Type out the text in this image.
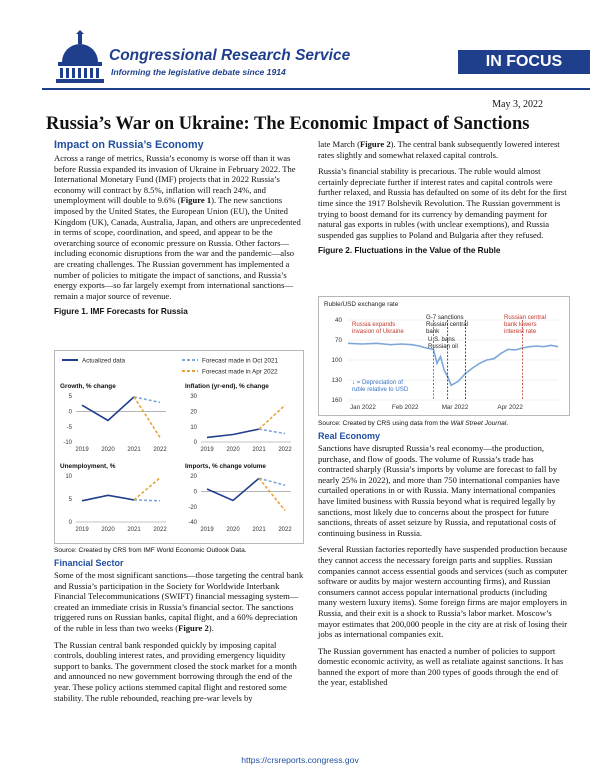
Congressional Research Service
Informing the legislative debate since 1914
IN FOCUS
May 3, 2022
Russia’s War on Ukraine: The Economic Impact of Sanctions
Impact on Russia’s Economy

Across a range of metrics, Russia’s economy is worse off than it was before Russia expanded its invasion of Ukraine in February 2022. The International Monetary Fund (IMF) projects that in 2022 Russia’s economy will contract by 8.5%, inflation will reach 24%, and unemployment will double to 9.6% (Figure 1). The new sanctions imposed by the United States, the European Union (EU), the United Kingdom (UK), Canada, Australia, Japan, and others are unprecedented in terms of scope, coordination, and speed, and appear to be the overarching source of economic pressure on Russia. Other factors—including economic disruptions from the war and the pandemic—also are creating challenges. The Russian government has implemented a number of policies to mitigate the impact of sanctions, and Russia’s energy exports—so far largely exempt from international sanctions—remain a major source of revenue.

Figure 1. IMF Forecasts for Russia
Actualized data	Forecast made in Oct 2021
Forecast made in Apr 2022
Growth, % change
5
0
-5
-10
2019 2020 2021 2022
Inflation (yr-end), % change
30
20
10
0
2019 2020 2021 2022
Unemployment, %
10
5
0
2019 2020 2021 2022
Imports, % change volume
20
0
-20
-40
2019 2020 2021 2022
Source: Created by CRS from IMF World Economic Outlook Data.
Financial Sector

Some of the most significant sanctions—those targeting the central bank and Russia’s participation in the Society for Worldwide Interbank Financial Telecommunications (SWIFT) financial messaging system—created an immediate crisis in Russia’s financial sector. The sanctions triggered runs on Russian banks, capital flight, and a 60% depreciation of the ruble in less than two weeks (Figure 2).

The Russian central bank responded quickly by imposing capital controls, doubling interest rates, and providing emergency liquidity support to banks. The government closed the stock market for a month and announced no new government borrowing through the end of the year. These policy actions stemmed capital flight and restored some stability. The ruble rebounded, reaching pre-war levels by

late March (Figure 2). The central bank subsequently lowered interest rates slightly and somewhat relaxed capital controls.

Russia’s financial stability is precarious. The ruble would almost certainly depreciate further if interest rates and capital controls were further relaxed, and Russia has defaulted on some of its debt for the first time since the 1917 Bolshevik Revolution. The Russian government is trying to boost demand for its currency by demanding payment for natural gas exports in rubles (with unclear exemptions), and Russia suspended gas supplies to Poland and Bulgaria after they refused.

Figure 2. Fluctuations in the Value of the Ruble
Ruble/USD exchange rate
40
70
100
130
160
Jan 2022	Feb 2022	Mar 2022	Apr 2022
Russia expands invasion of Ukraine
G-7 sanctions Russian central bank
U.S. bans Russian oil
Russian central bank lowers interest rate
↓ = Depreciation of ruble relative to USD
Source: Created by CRS using data from the Wall Street Journal.
Real Economy

Sanctions have disrupted Russia’s real economy—the production, purchase, and flow of goods. The volume of Russia’s trade has contracted sharply (Russia’s imports by volume are forecast to fall by nearly 25% in 2022), and more than 750 international companies have curtailed operations in or with Russia. Many international companies have limited business with Russia beyond what is required legally by sanctions, most likely due to concerns about the prospect for future sanctions, threats of asset seizure by Russia, and reputational costs of continuing business in Russia.

Several Russian factories reportedly have suspended production because they cannot access the necessary foreign parts and supplies. Russian companies cannot access essential goods and services (such as computer software or audits by major western accounting firms), and Russian consumers cannot access popular international products (including many western luxury items). Some foreign firms are major employers in Russia, and their exit is a shock to Russia’s labor market. Moscow’s mayor estimates that 200,000 people in the city are at risk of losing their jobs as international companies exit.

The Russian government has enacted a number of policies to support domestic economic activity, as well as retaliate against sanctions. It has banned the export of more than 200 types of goods through the end of the year, established

https://crsreports.congress.gov
